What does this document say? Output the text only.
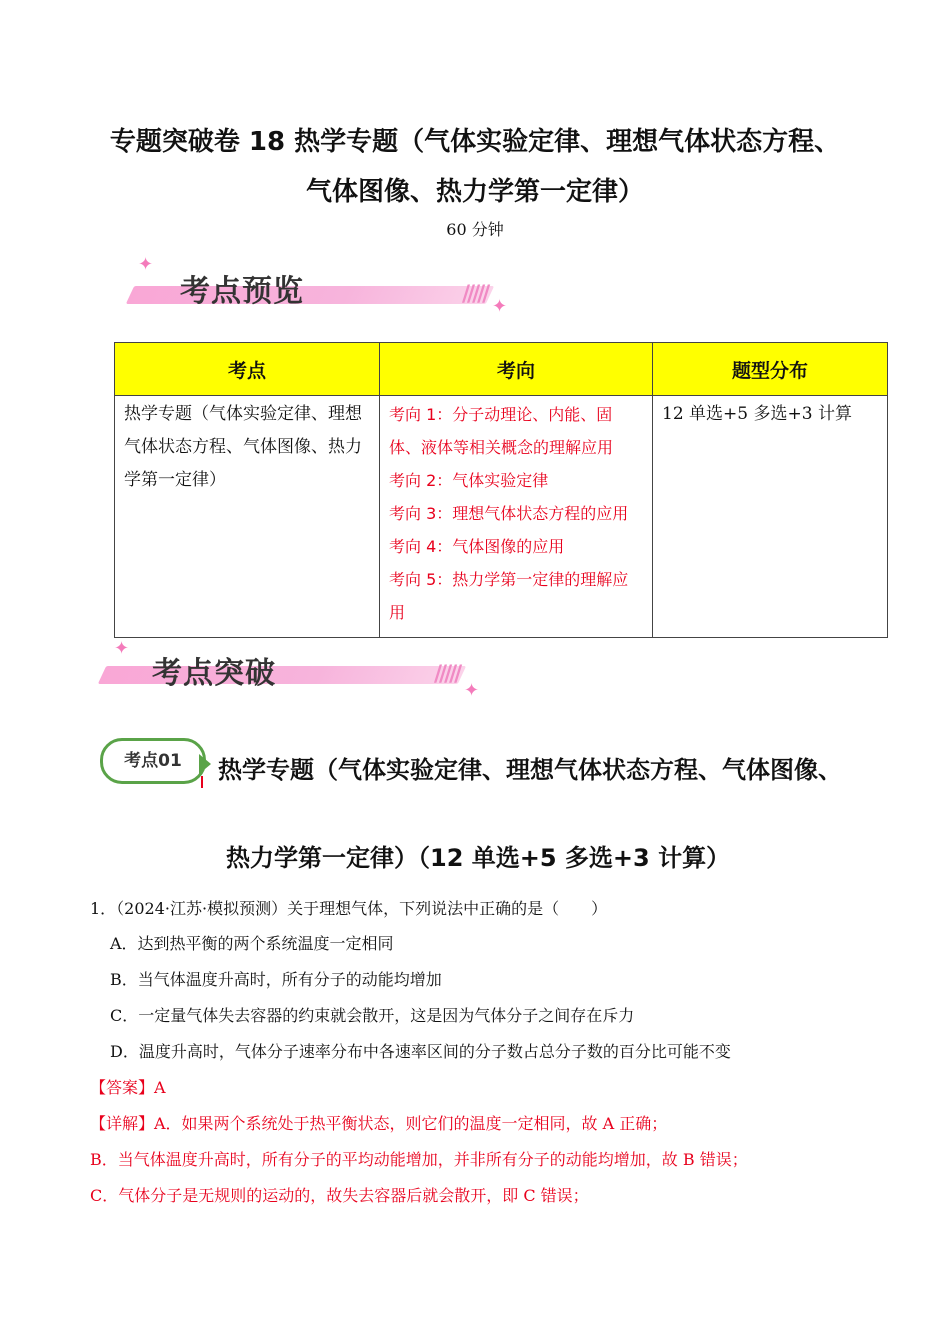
专题突破卷 18 热学专题（气体实验定律、理想气体状态方程、
气体图像、热力学第一定律）
60 分钟
✦
///// ✦
考点预览
考点	考向	题型分布
热学专题（气体实验定律、理想气体状态方程、气体图像、热力学第一定律）	考向 1：分子动理论、内能、固体、液体等相关概念的理解应用
考向 2：气体实验定律
考向 3：理想气体状态方程的应用
考向 4：气体图像的应用
考向 5：热力学第一定律的理解应用	12 单选+5 多选+3 计算
✦
/////
✦
考点突破
考点01	热学专题（气体实验定律、理想气体状态方程、气体图像、
热力学第一定律）（12 单选+5 多选+3 计算）
1．（2024·江苏·模拟预测）关于理想气体，下列说法中正确的是（　　）
A．达到热平衡的两个系统温度一定相同
B．当气体温度升高时，所有分子的动能均增加
C．一定量气体失去容器的约束就会散开，这是因为气体分子之间存在斥力
D．温度升高时，气体分子速率分布中各速率区间的分子数占总分子数的百分比可能不变
【答案】A
【详解】A．如果两个系统处于热平衡状态，则它们的温度一定相同，故 A 正确；
B．当气体温度升高时，所有分子的平均动能增加，并非所有分子的动能均增加，故 B 错误；
C．气体分子是无规则的运动的，故失去容器后就会散开，即 C 错误；
